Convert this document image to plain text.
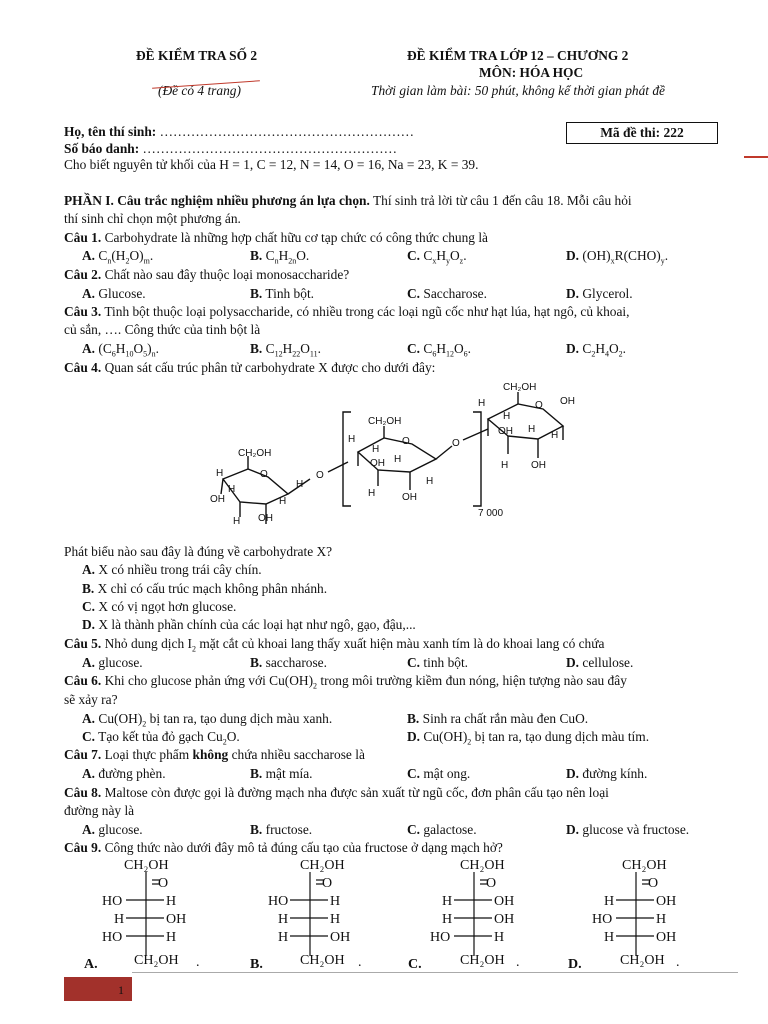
ĐỀ KIỂM TRA SỐ 2
(Đề có 4 trang)
ĐỀ KIỂM TRA LỚP 12 – CHƯƠNG 2
MÔN: HÓA HỌC
Thời gian làm bài: 50 phút, không kể thời gian phát đề
Họ, tên thí sinh: …………………………………………………
Số báo danh: …………………………………………………
Mã đề thi: 222
Cho biết nguyên tử khối của H = 1, C = 12, N = 14, O = 16, Na = 23, K = 39.
PHẦN I. Câu trắc nghiệm nhiều phương án lựa chọn. Thí sinh trả lời từ câu 1 đến câu 18. Mỗi câu hỏi
thí sinh chỉ chọn một phương án.
Câu 1. Carbohydrate là những hợp chất hữu cơ tạp chức có công thức chung là
A. $C_n(H_2O)_m$.	B. $C_nH_{2n}O$.	C. $C_xH_yO_z$.	D. $(OH)_xR(CHO)_y$.
Câu 2. Chất nào sau đây thuộc loại monosaccharide?
A. Glucose.	B. Tinh bột.	C. Saccharose.	D. Glycerol.
Câu 3. Tinh bột thuộc loại polysaccharide, có nhiều trong các loại ngũ cốc như hạt lúa, hạt ngô, củ khoai,
củ sắn, …. Công thức của tinh bột là
A. $(C_6H_{10}O_5)_n$.	B. $C_{12}H_{22}O_{11}$.	C. $C_6H_{12}O_6$.	D. $C_2H_4O_2$.
Câu 4. Quan sát cấu trúc phân tử carbohydrate X được cho dưới đây:
CH₂OH
O
H
H
OH
H OH
H
H
O
CH₂OH
O
H
H
OH H
H	OH
H
O
7 000
CH₂OH
O OH
H
H
OH H
H
H OH
Phát biểu nào sau đây là đúng về carbohydrate X?
A. X có nhiều trong trái cây chín.
B. X chỉ có cấu trúc mạch không phân nhánh.
C. X có vị ngọt hơn glucose.
D. X là thành phần chính của các loại hạt như ngô, gạo, đậu,...
Câu 5. Nhỏ dung dịch $I_2$ mặt cắt củ khoai lang thấy xuất hiện màu xanh tím là do khoai lang có chứa
A. glucose.	B. saccharose.	C. tinh bột.	D. cellulose.
Câu 6. Khi cho glucose phản ứng với $Cu(OH)_2$ trong môi trường kiềm đun nóng, hiện tượng nào sau đây
sẽ xảy ra?
A. $Cu(OH)_2$ bị tan ra, tạo dung dịch màu xanh.	B. Sinh ra chất rắn màu đen CuO.
C. Tạo kết tủa đỏ gạch $Cu_2O$.	D. $Cu(OH)_2$ bị tan ra, tạo dung dịch màu tím.
Câu 7. Loại thực phẩm không chứa nhiều saccharose là
A. đường phèn.	B. mật mía.	C. mật ong.	D. đường kính.
Câu 8. Maltose còn được gọi là đường mạch nha được sản xuất từ ngũ cốc, đơn phân cấu tạo nên loại
đường này là
A. glucose.	B. fructose.	C. galactose.	D. glucose và fructose.
Câu 9. Công thức nào dưới đây mô tả đúng cấu tạo của fructose ở dạng mạch hở?
CH₂OH
O
HO	H
H	OH
HO	H
A.	CH₂OH .
CH₂OH
O
HO	H
H	H
H	OH
B.	CH₂OH .
CH₂OH
O
H	OH
H	OH
HO	H
C.	CH₂OH .
CH₂OH
O
H	OH
HO	H
H	OH
D.	CH₂OH .
1
